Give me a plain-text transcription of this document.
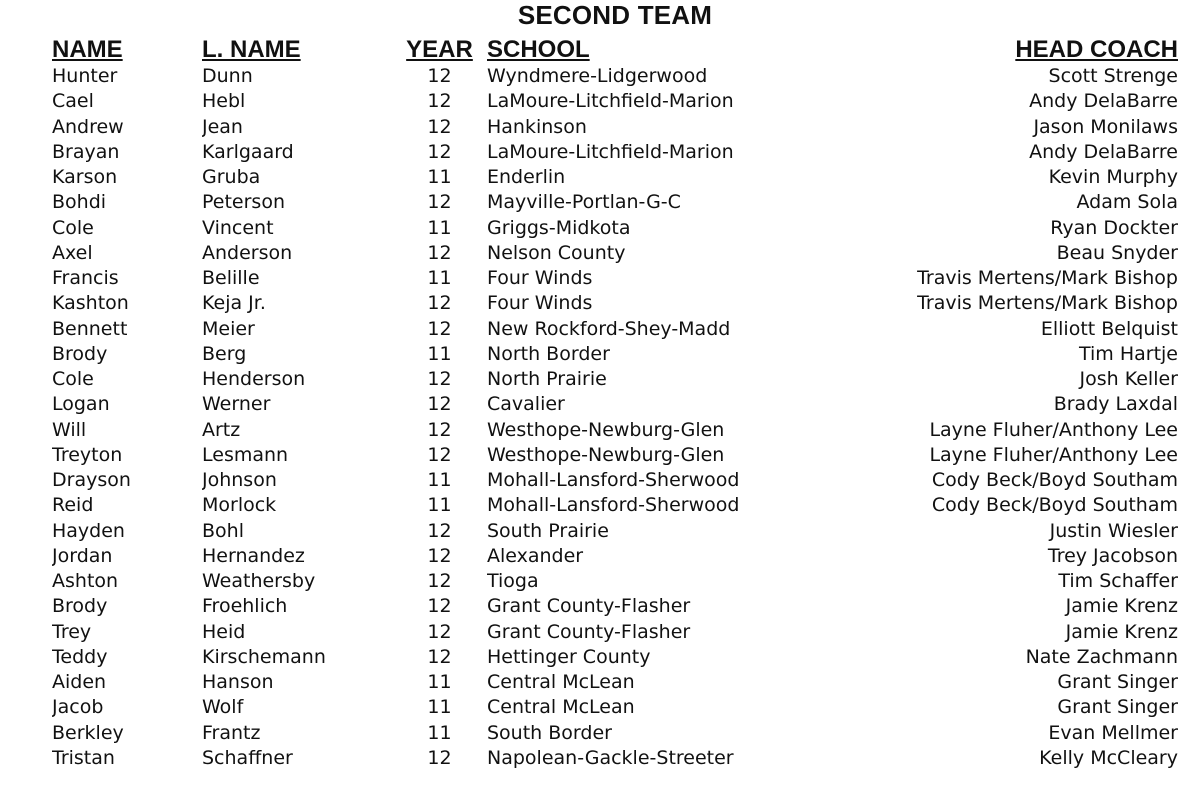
SECOND TEAM
NAME	L. NAME	YEAR	SCHOOL	HEAD COACH
Hunter	Dunn	12	Wyndmere-Lidgerwood	Scott Strenge
Cael	Hebl	12	LaMoure-Litchfield-Marion	Andy DelaBarre
Andrew	Jean	12	Hankinson	Jason Monilaws
Brayan	Karlgaard	12	LaMoure-Litchfield-Marion	Andy DelaBarre
Karson	Gruba	11	Enderlin	Kevin Murphy
Bohdi	Peterson	12	Mayville-Portlan-G-C	Adam Sola
Cole	Vincent	11	Griggs-Midkota	Ryan Dockter
Axel	Anderson	12	Nelson County	Beau Snyder
Francis	Belille	11	Four Winds	Travis Mertens/Mark Bishop
Kashton	Keja Jr.	12	Four Winds	Travis Mertens/Mark Bishop
Bennett	Meier	12	New Rockford-Shey-Madd	Elliott Belquist
Brody	Berg	11	North Border	Tim Hartje
Cole	Henderson	12	North Prairie	Josh Keller
Logan	Werner	12	Cavalier	Brady Laxdal
Will	Artz	12	Westhope-Newburg-Glen	Layne Fluher/Anthony Lee
Treyton	Lesmann	12	Westhope-Newburg-Glen	Layne Fluher/Anthony Lee
Drayson	Johnson	11	Mohall-Lansford-Sherwood	Cody Beck/Boyd Southam
Reid	Morlock	11	Mohall-Lansford-Sherwood	Cody Beck/Boyd Southam
Hayden	Bohl	12	South Prairie	Justin Wiesler
Jordan	Hernandez	12	Alexander	Trey Jacobson
Ashton	Weathersby	12	Tioga	Tim Schaffer
Brody	Froehlich	12	Grant County-Flasher	Jamie Krenz
Trey	Heid	12	Grant County-Flasher	Jamie Krenz
Teddy	Kirschemann	12	Hettinger County	Nate Zachmann
Aiden	Hanson	11	Central McLean	Grant Singer
Jacob	Wolf	11	Central McLean	Grant Singer
Berkley	Frantz	11	South Border	Evan Mellmer
Tristan	Schaffner	12	Napolean-Gackle-Streeter	Kelly McCleary
